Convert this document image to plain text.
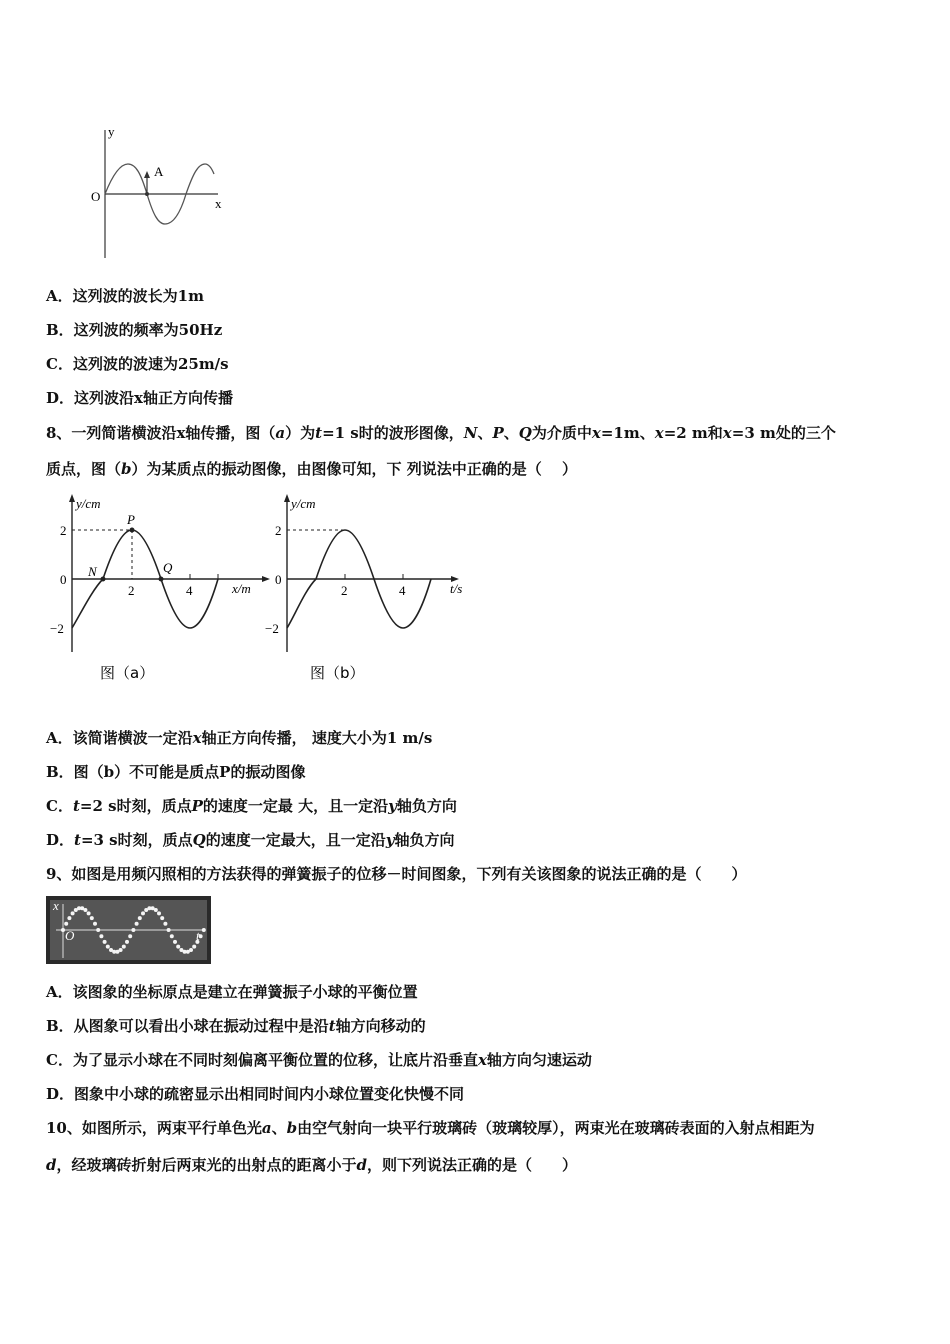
y
O	x
A
A．这列波的波长为1m
B．这列波的频率为50Hz
C．这列波的波速为25m/s
D．这列波沿x轴正方向传播
8、一列简谐横波沿x轴传播，图（a）为t=1 s时的波形图像，N、P、Q为介质中x=1m、x=2 m和x=3 m处的三个
质点，图（b）为某质点的振动图像，由图像可知，下 列说法中正确的是（　 ）
y/cm
2
0
−2
2	4	x/m
N
P
Q
图（a）
y/cm
2
0
−2
2	4	t/s
图（b）
A．该简谐横波一定沿x轴正方向传播， 速度大小为1 m/s
B．图（b）不可能是质点P的振动图像
C．t=2 s时刻，质点P的速度一定最 大，且一定沿y轴负方向
D．t=3 s时刻，质点Q的速度一定最大，且一定沿y轴负方向
9、如图是用频闪照相的方法获得的弹簧振子的位移－时间图象，下列有关该图象的说法正确的是（　　）
x
O	t
A．该图象的坐标原点是建立在弹簧振子小球的平衡位置
B．从图象可以看出小球在振动过程中是沿t轴方向移动的
C．为了显示小球在不同时刻偏离平衡位置的位移，让底片沿垂直x轴方向匀速运动
D．图象中小球的疏密显示出相同时间内小球位置变化快慢不同
10、如图所示，两束平行单色光a、b由空气射向一块平行玻璃砖（玻璃较厚），两束光在玻璃砖表面的入射点相距为
d，经玻璃砖折射后两束光的出射点的距离小于d，则下列说法正确的是（　　）
